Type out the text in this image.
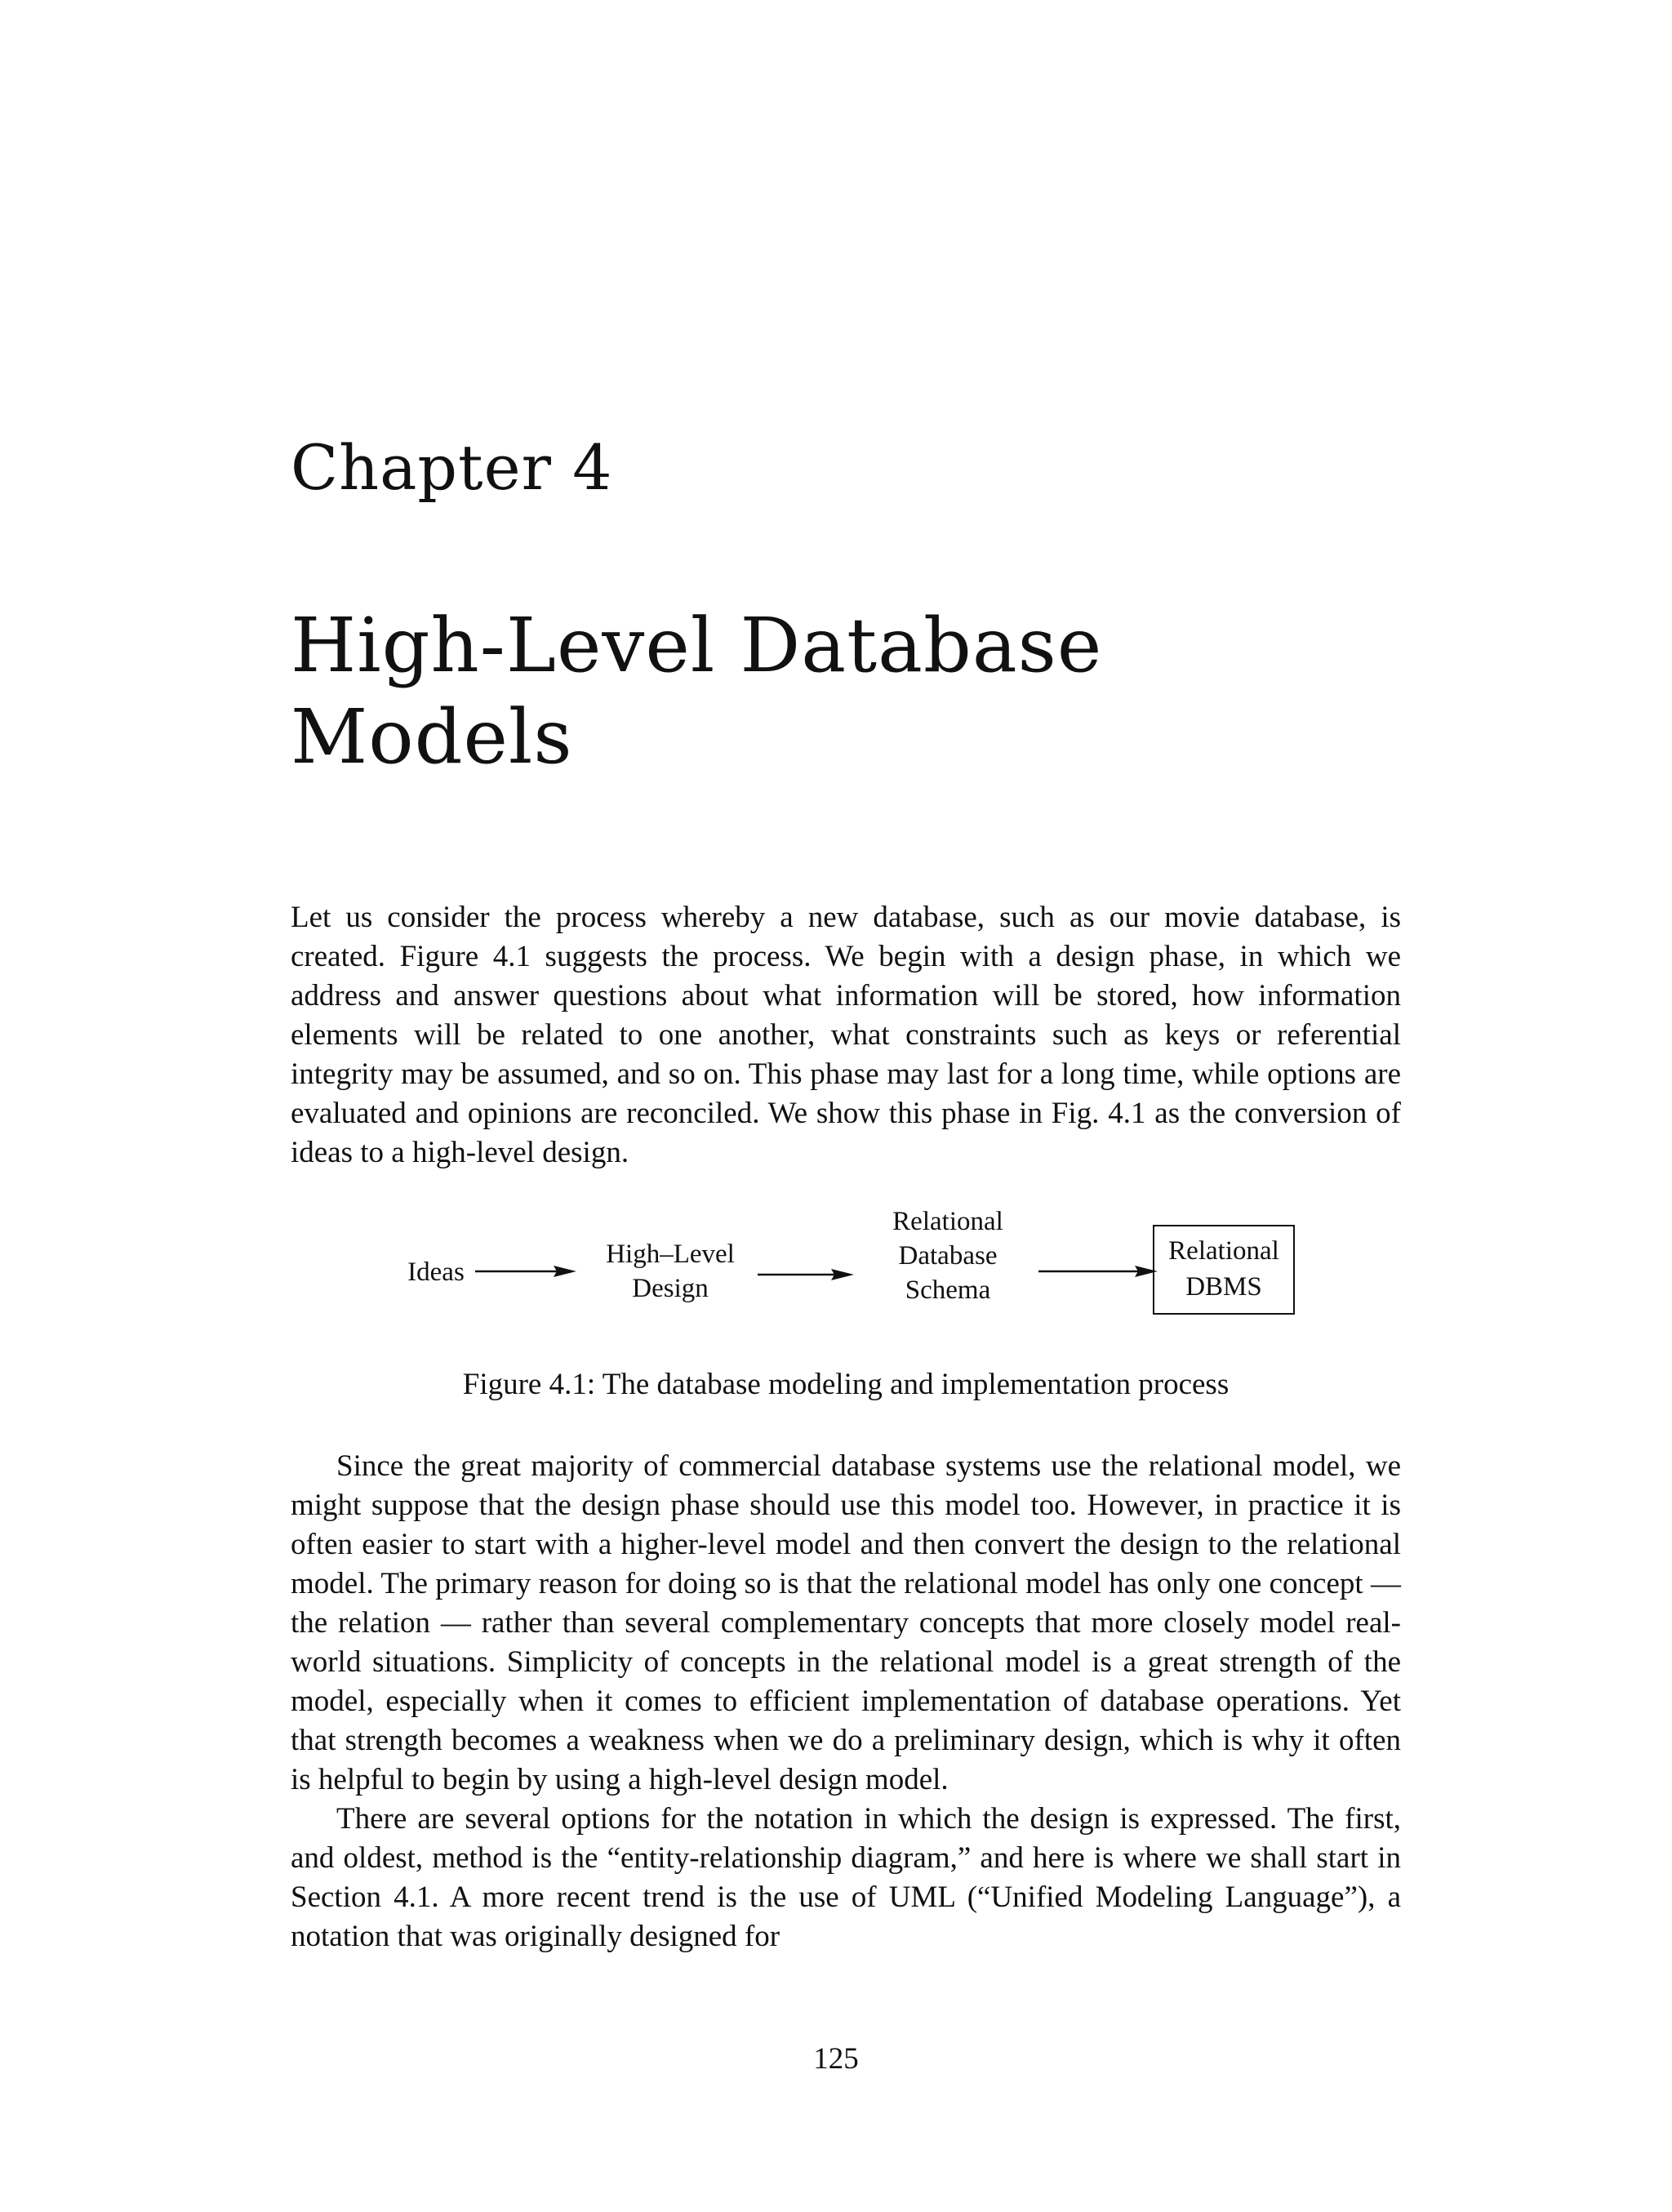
Chapter 4
High-Level Database
Models

Let us consider the process whereby a new database, such as our movie database, is created. Figure 4.1 suggests the process. We begin with a design phase, in which we address and answer questions about what information will be stored, how information elements will be related to one another, what constraints such as keys or referential integrity may be assumed, and so on. This phase may last for a long time, while options are evaluated and opinions are reconciled. We show this phase in Fig. 4.1 as the conversion of ideas to a high-level design.

Ideas
High–Level
Design
Relational
Database
Schema
Relational
DBMS

Figure 4.1: The database modeling and implementation process

Since the great majority of commercial database systems use the relational model, we might suppose that the design phase should use this model too. However, in practice it is often easier to start with a higher-level model and then convert the design to the relational model. The primary reason for doing so is that the relational model has only one concept — the relation — rather than several complementary concepts that more closely model real-world situations. Simplicity of concepts in the relational model is a great strength of the model, especially when it comes to efficient implementation of database operations. Yet that strength becomes a weakness when we do a preliminary design, which is why it often is helpful to begin by using a high-level design model.

There are several options for the notation in which the design is expressed. The first, and oldest, method is the “entity-relationship diagram,” and here is where we shall start in Section 4.1. A more recent trend is the use of UML (“Unified Modeling Language”), a notation that was originally designed for

125
